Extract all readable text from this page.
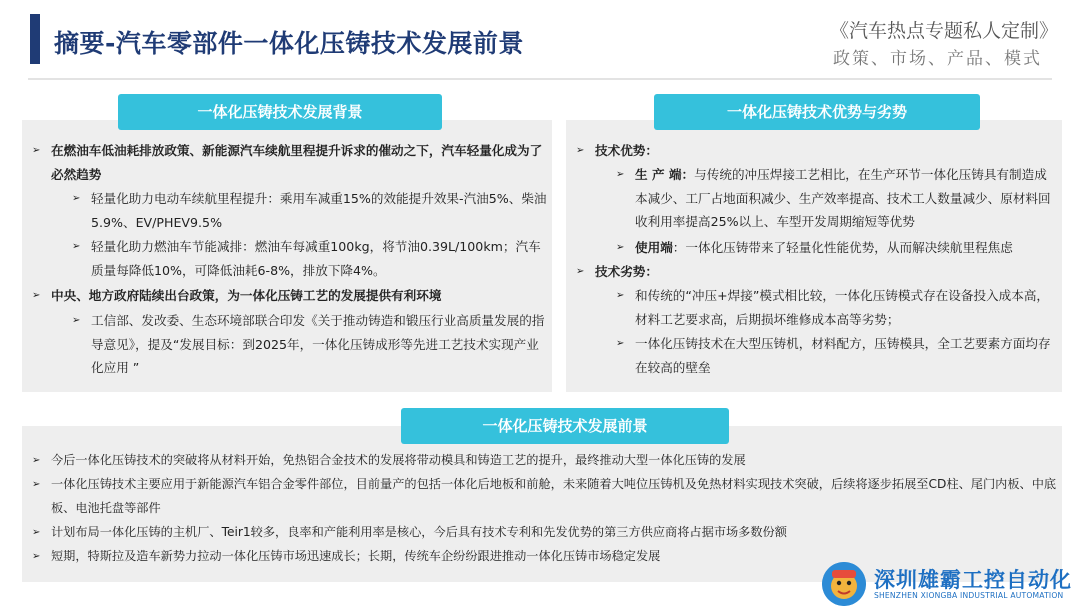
摘要-汽车零部件一体化压铸技术发展前景	《汽车热点专题私人定制》
政策、市场、产品、模式
一体化压铸技术发展背景
➢ 在燃油车低油耗排放政策、新能源汽车续航里程提升诉求的催动之下，汽车轻量化成为了必然趋势
➢ 轻量化助力电动车续航里程提升：乘用车减重15%的效能提升效果-汽油5%、柴油5.9%、EV/PHEV9.5%
➢ 轻量化助力燃油车节能减排：燃油车每减重100kg，将节油0.39L/100km；汽车质量每降低10%，可降低油耗6-8%，排放下降4%。
➢ 中央、地方政府陆续出台政策，为一体化压铸工艺的发展提供有利环境
➢ 工信部、发改委、生态环境部联合印发《关于推动铸造和锻压行业高质量发展的指导意见》，提及“发展目标：到2025年，一体化压铸成形等先进工艺技术实现产业化应用 ”
一体化压铸技术优势与劣势
➢ 技术优势：
➢ 生 产 端：与传统的冲压焊接工艺相比，在生产环节一体化压铸具有制造成本减少、工厂占地面积减少、生产效率提高、技术工人数量减少、原材料回收利用率提高25%以上、车型开发周期缩短等优势
➢ 使用端：一体化压铸带来了轻量化性能优势，从而解决续航里程焦虑
➢ 技术劣势：
➢ 和传统的“冲压+焊接”模式相比较，一体化压铸模式存在设备投入成本高，材料工艺要求高，后期损坏维修成本高等劣势；
➢ 一体化压铸技术在大型压铸机，材料配方，压铸模具，全工艺要素方面均存在较高的壁垒
一体化压铸技术发展前景
➢ 今后一体化压铸技术的突破将从材料开始，免热铝合金技术的发展将带动模具和铸造工艺的提升，最终推动大型一体化压铸的发展
➢ 一体化压铸技术主要应用于新能源汽车铝合金零件部位，目前量产的包括一体化后地板和前舱，未来随着大吨位压铸机及免热材料实现技术突破，后续将逐步拓展至CD柱、尾门内板、中底板、电池托盘等部件
➢ 计划布局一体化压铸的主机厂、Teir1较多，良率和产能利用率是核心，今后具有技术专利和先发优势的第三方供应商将占据市场多数份额
➢ 短期，特斯拉及造车新势力拉动一体化压铸市场迅速成长；长期，传统车企纷纷跟进推动一体化压铸市场稳定发展
深圳雄霸工控自动化
SHENZHEN XIONGBA INDUSTRIAL AUTOMATION
